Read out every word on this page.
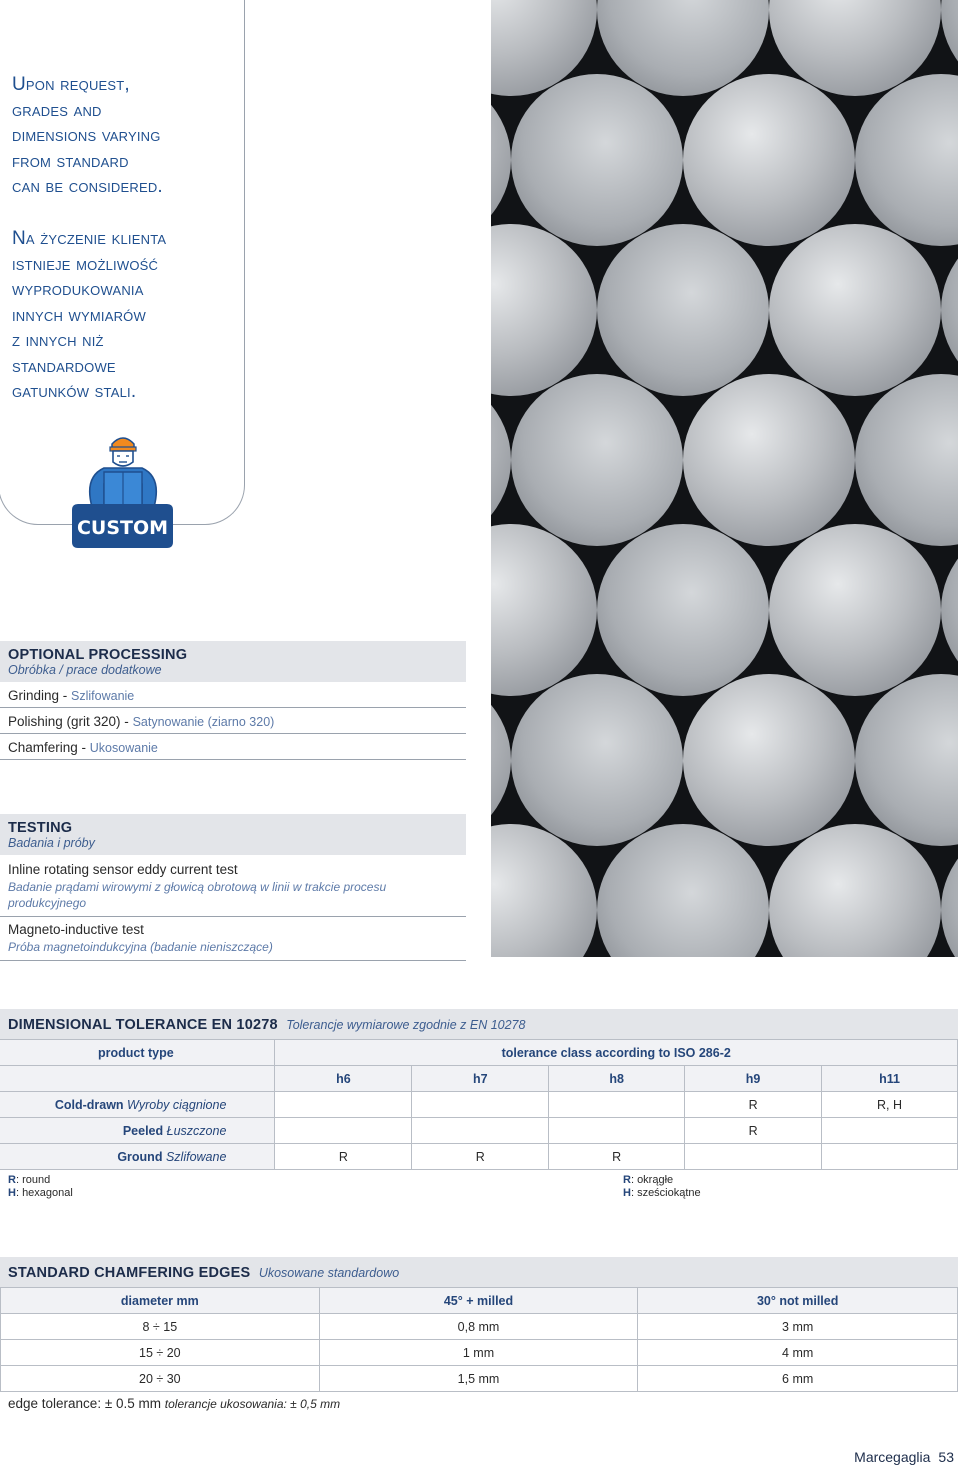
Upon request,
grades and
dimensions varying
from standard
can be considered.
Na życzenie klienta
istnieje możliwość
wyprodukowania
innych wymiarów
z innych niż
standardowe
gatunków stali.
CUSTOM
OPTIONAL PROCESSING
Obróbka / prace dodatkowe
Grinding - Szlifowanie
Polishing (grit 320) - Satynowanie (ziarno 320)
Chamfering - Ukosowanie
TESTING
Badania i próby
Inline rotating sensor eddy current test
Badanie prądami wirowymi z głowicą obrotową w linii w trakcie procesu produkcyjnego
Magneto-inductive test
Próba magnetoindukcyjna (badanie nieniszczące)
DIMENSIONAL TOLERANCE EN 10278 Tolerancje wymiarowe zgodnie z EN 10278
product type	tolerance class according to ISO 286-2				
	h6	h7	h8	h9	h11
Cold-drawn Wyroby ciągnione				R	R, H
Peeled Łuszczone				R	
Ground Szlifowane	R	R	R		
R: round
H: hexagonal
R: okrągłe
H: sześciokątne
STANDARD CHAMFERING EDGES Ukosowane standardowo
diameter mm	45° + milled	30° not milled
8 ÷ 15	0,8 mm	3 mm
15 ÷ 20	1 mm	4 mm
20 ÷ 30	1,5 mm	6 mm
edge tolerance: ± 0.5 mm tolerancje ukosowania: ± 0,5 mm
Marcegaglia 53
